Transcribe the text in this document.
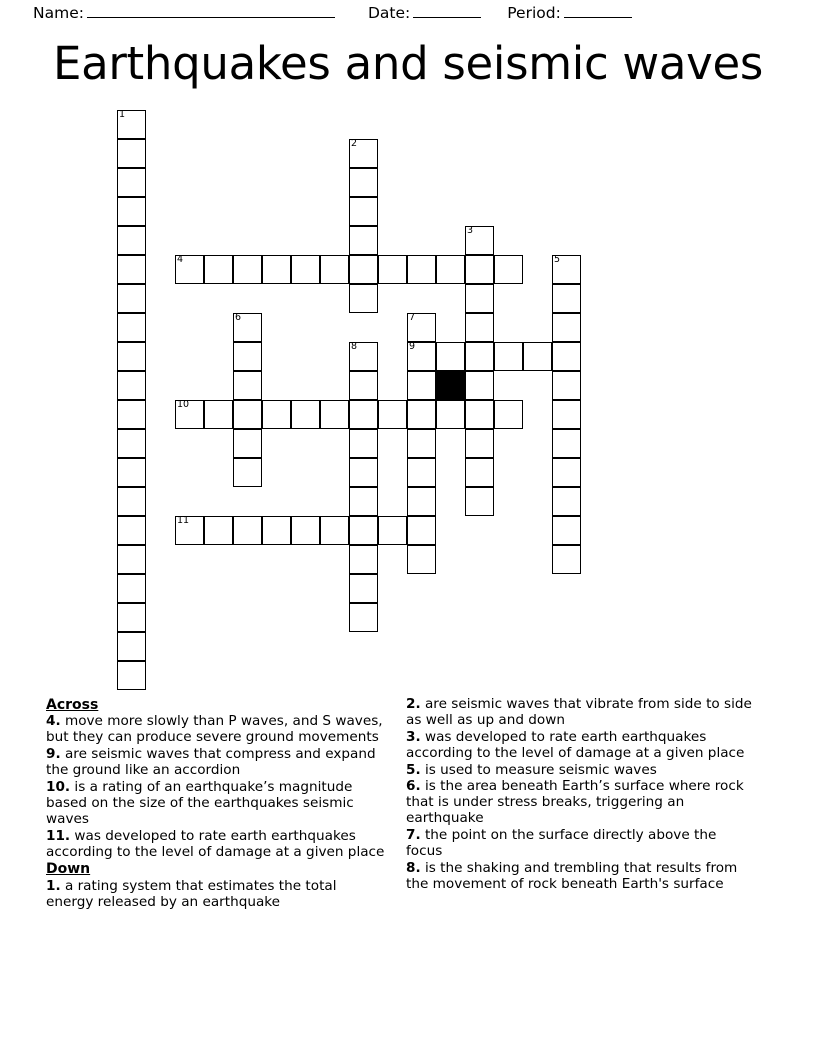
Name:	Date:	Period:
Earthquakes and seismic waves
1
2
3
4	5
6	7
8	9
10
11
Across
4. move more slowly than P waves, and S waves, but they can produce severe ground movements
9. are seismic waves that compress and expand the ground like an accordion
10. is a rating of an earthquake’s magnitude based on the size of the earthquakes seismic waves
11. was developed to rate earth earthquakes according to the level of damage at a given place
Down
1. a rating system that estimates the total energy released by an earthquake
2. are seismic waves that vibrate from side to side as well as up and down
3. was developed to rate earth earthquakes according to the level of damage at a given place
5. is used to measure seismic waves
6. is the area beneath Earth’s surface where rock that is under stress breaks, triggering an earthquake
7. the point on the surface directly above the focus
8. is the shaking and trembling that results from the movement of rock beneath Earth's surface
